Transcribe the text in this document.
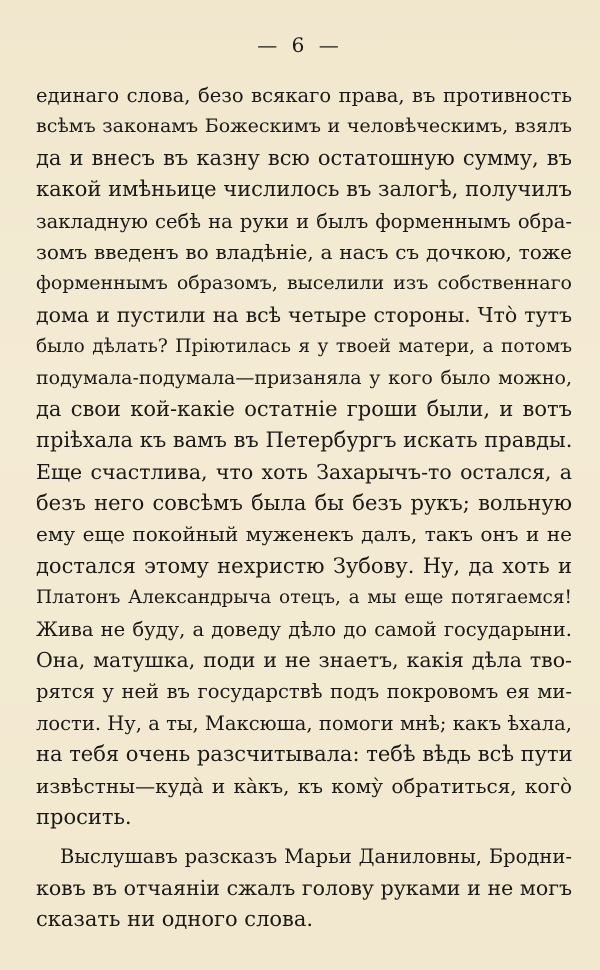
— 6 —
единаго слова, безо всякаго права, въ противность
всѣмъ законамъ Божескимъ и человѣческимъ, взялъ
да и внесъ въ казну всю остатошную сумму, въ
какой имѣньице числилось въ залогѣ, получилъ
закладную себѣ на руки и былъ форменнымъ обра-
зомъ введенъ во владѣніе, а насъ съ дочкою, тоже
форменнымъ образомъ, выселили изъ собственнаго
дома и пустили на всѣ четыре стороны. Что̀ тутъ
было дѣлать? Пріютилась я у твоей матери, а потомъ
подумала-подумала—призаняла у кого было можно,
да свои кой-какіе остатніе гроши были, и вотъ
пріѣхала къ вамъ въ Петербургъ искать правды.
Еще счастлива, что хоть Захарычъ-то остался, а
безъ него совсѣмъ была бы безъ рукъ; вольную
ему еще покойный муженекъ далъ, такъ онъ и не
достался этому нехристю Зубову. Ну, да хоть и
Платонъ Александрыча отецъ, а мы еще потягаемся!
Жива не буду, а доведу дѣло до самой государыни.
Она, матушка, поди и не знаетъ, какія дѣла тво-
рятся у ней въ государствѣ подъ покровомъ ея ми-
лости. Ну, а ты, Максюша, помоги мнѣ; какъ ѣхала,
на тебя очень разсчитывала: тебѣ вѣдь всѣ пути
извѣстны—куда̀ и ка̀къ, къ кому̀ обратиться, кого̀
просить.
Выслушавъ разсказъ Марьи Даниловны, Бродни-
ковъ въ отчаяніи сжалъ голову руками и не могъ
сказать ни одного слова.
